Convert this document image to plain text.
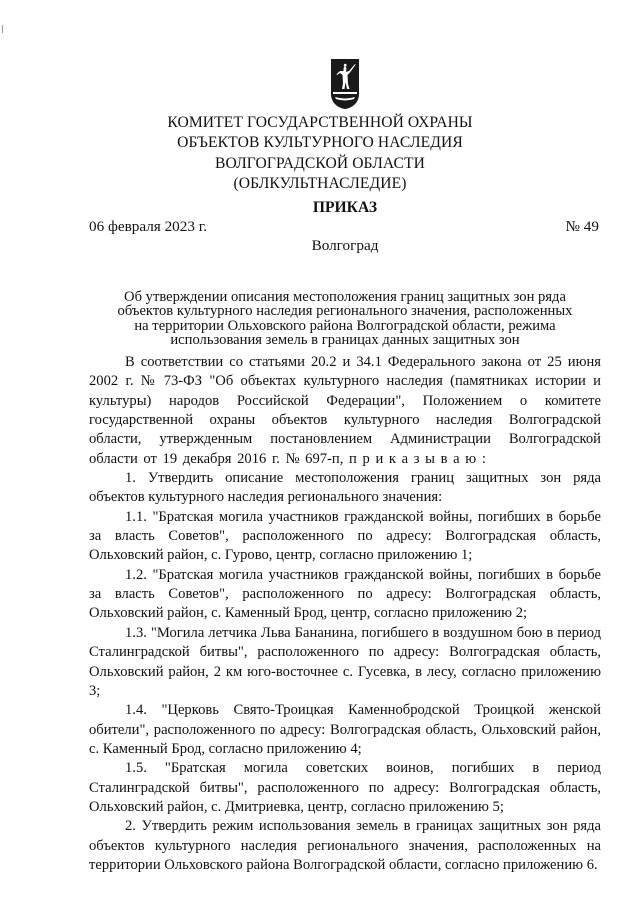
КОМИТЕТ ГОСУДАРСТВЕННОЙ ОХРАНЫ
ОБЪЕКТОВ КУЛЬТУРНОГО НАСЛЕДИЯ
ВОЛГОГРАДСКОЙ ОБЛАСТИ
(ОБЛКУЛЬТНАСЛЕДИЕ)
ПРИКАЗ
06 февраля 2023 г.	№ 49
Волгоград
Об утверждении описания местоположения границ защитных зон ряда
объектов культурного наследия регионального значения, расположенных
на территории Ольховского района Волгоградской области, режима
использования земель в границах данных защитных зон

В соответствии со статьями 20.2 и 34.1 Федерального закона от 25 июня 2002 г. № 73-ФЗ "Об объектах культурного наследия (памятниках истории и культуры) народов Российской Федерации", Положением о комитете государственной охраны объектов культурного наследия Волгоградской области, утвержденным постановлением Администрации Волгоградской области от 19 декабря 2016 г. № 697-п, п р и к а з ы в а ю :

1. Утвердить описание местоположения границ защитных зон ряда объектов культурного наследия регионального значения:

1.1. "Братская могила участников гражданской войны, погибших в борьбе за власть Советов", расположенного по адресу: Волгоградская область, Ольховский район, с. Гурово, центр, согласно приложению 1;

1.2. "Братская могила участников гражданской войны, погибших в борьбе за власть Советов", расположенного по адресу: Волгоградская область, Ольховский район, с. Каменный Брод, центр, согласно приложению 2;

1.3. "Могила летчика Льва Бананина, погибшего в воздушном бою в период Сталинградской битвы", расположенного по адресу: Волгоградская область, Ольховский район, 2 км юго-восточнее с. Гусевка, в лесу, согласно приложению 3;

1.4. "Церковь Свято-Троицкая Каменнобродской Троицкой женской обители", расположенного по адресу: Волгоградская область, Ольховский район, с. Каменный Брод, согласно приложению 4;

1.5. "Братская могила советских воинов, погибших в период Сталинградской битвы", расположенного по адресу: Волгоградская область, Ольховский район, с. Дмитриевка, центр, согласно приложению 5;

2. Утвердить режим использования земель в границах защитных зон ряда объектов культурного наследия регионального значения, расположенных на территории Ольховского района Волгоградской области, согласно приложению 6.
